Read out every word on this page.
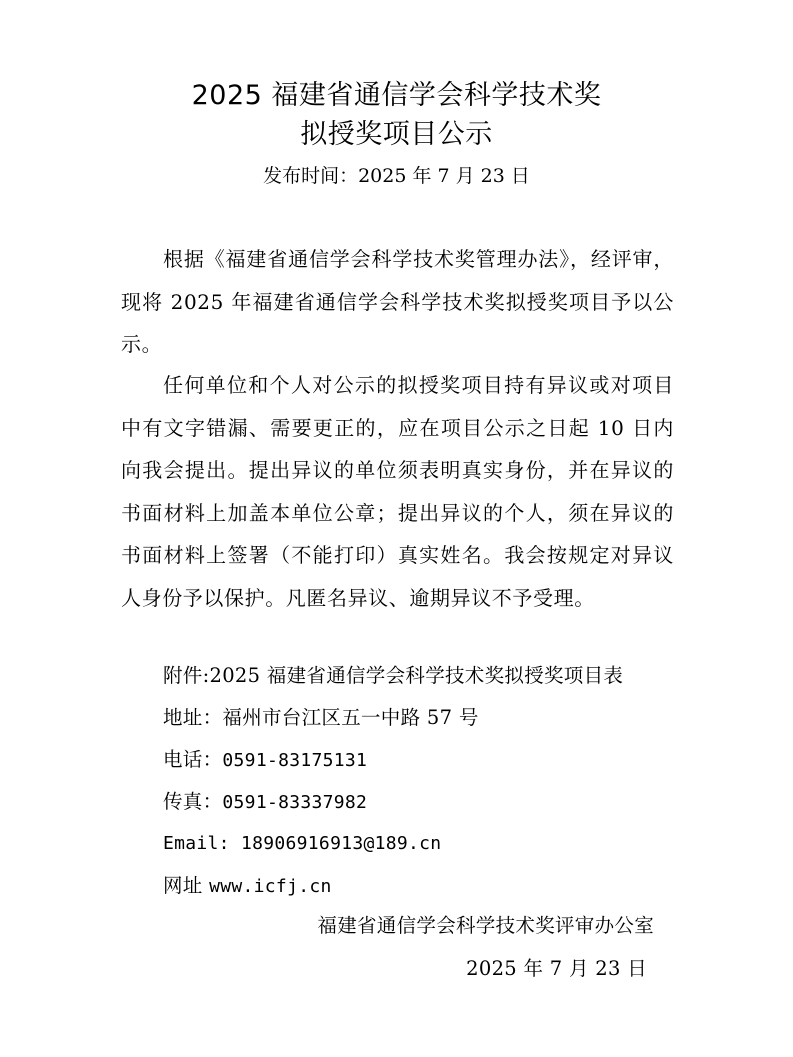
2025 福建省通信学会科学技术奖
拟授奖项目公示
发布时间：2025 年 7 月 23 日
根据《福建省通信学会科学技术奖管理办法》，经评审，现将 2025 年福建省通信学会科学技术奖拟授奖项目予以公示。
任何单位和个人对公示的拟授奖项目持有异议或对项目中有文字错漏、需要更正的，应在项目公示之日起 10 日内向我会提出。提出异议的单位须表明真实身份，并在异议的书面材料上加盖本单位公章；提出异议的个人，须在异议的书面材料上签署（不能打印）真实姓名。我会按规定对异议人身份予以保护。凡匿名异议、逾期异议不予受理。
附件:2025 福建省通信学会科学技术奖拟授奖项目表
地址：福州市台江区五一中路 57 号
电话：0591-83175131
传真：0591-83337982
Email: 18906916913@189.cn
网址 www.icfj.cn
福建省通信学会科学技术奖评审办公室
2025 年 7 月 23 日
